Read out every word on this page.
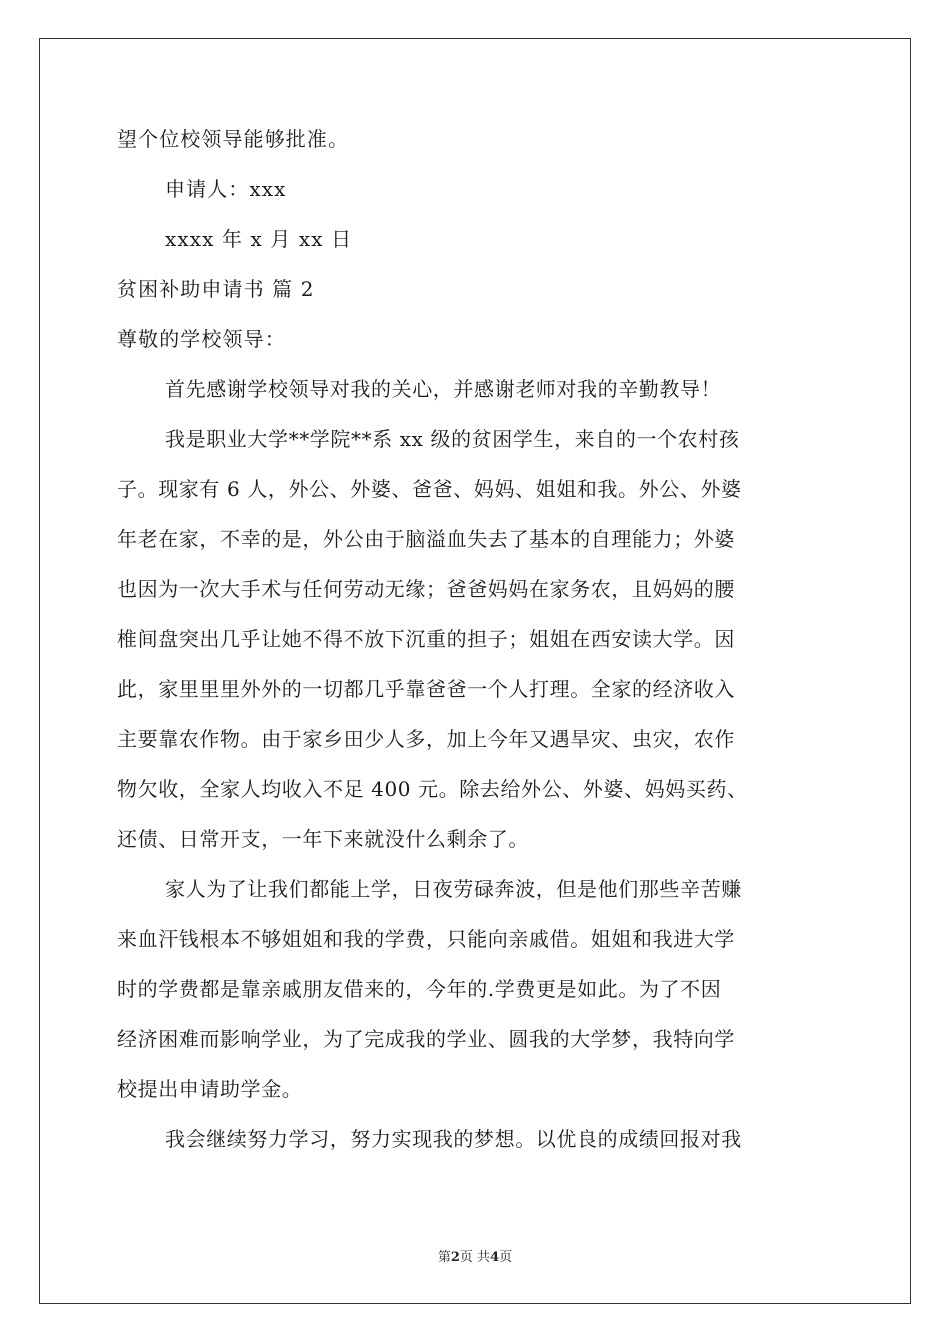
望个位校领导能够批准。
申请人：xxx
xxxx 年 x 月 xx 日
贫困补助申请书 篇 2
尊敬的学校领导：
首先感谢学校领导对我的关心，并感谢老师对我的辛勤教导！
我是职业大学**学院**系 xx 级的贫困学生，来自的一个农村孩
子。现家有 6 人，外公、外婆、爸爸、妈妈、姐姐和我。外公、外婆
年老在家，不幸的是，外公由于脑溢血失去了基本的自理能力；外婆
也因为一次大手术与任何劳动无缘；爸爸妈妈在家务农，且妈妈的腰
椎间盘突出几乎让她不得不放下沉重的担子；姐姐在西安读大学。因
此，家里里里外外的一切都几乎靠爸爸一个人打理。全家的经济收入
主要靠农作物。由于家乡田少人多，加上今年又遇旱灾、虫灾，农作
物欠收，全家人均收入不足 400 元。除去给外公、外婆、妈妈买药、
还债、日常开支，一年下来就没什么剩余了。
家人为了让我们都能上学，日夜劳碌奔波，但是他们那些辛苦赚
来血汗钱根本不够姐姐和我的学费，只能向亲戚借。姐姐和我进大学
时的学费都是靠亲戚朋友借来的，今年的.学费更是如此。为了不因
经济困难而影响学业，为了完成我的学业、圆我的大学梦，我特向学
校提出申请助学金。
我会继续努力学习，努力实现我的梦想。以优良的成绩回报对我
第2页 共4页
